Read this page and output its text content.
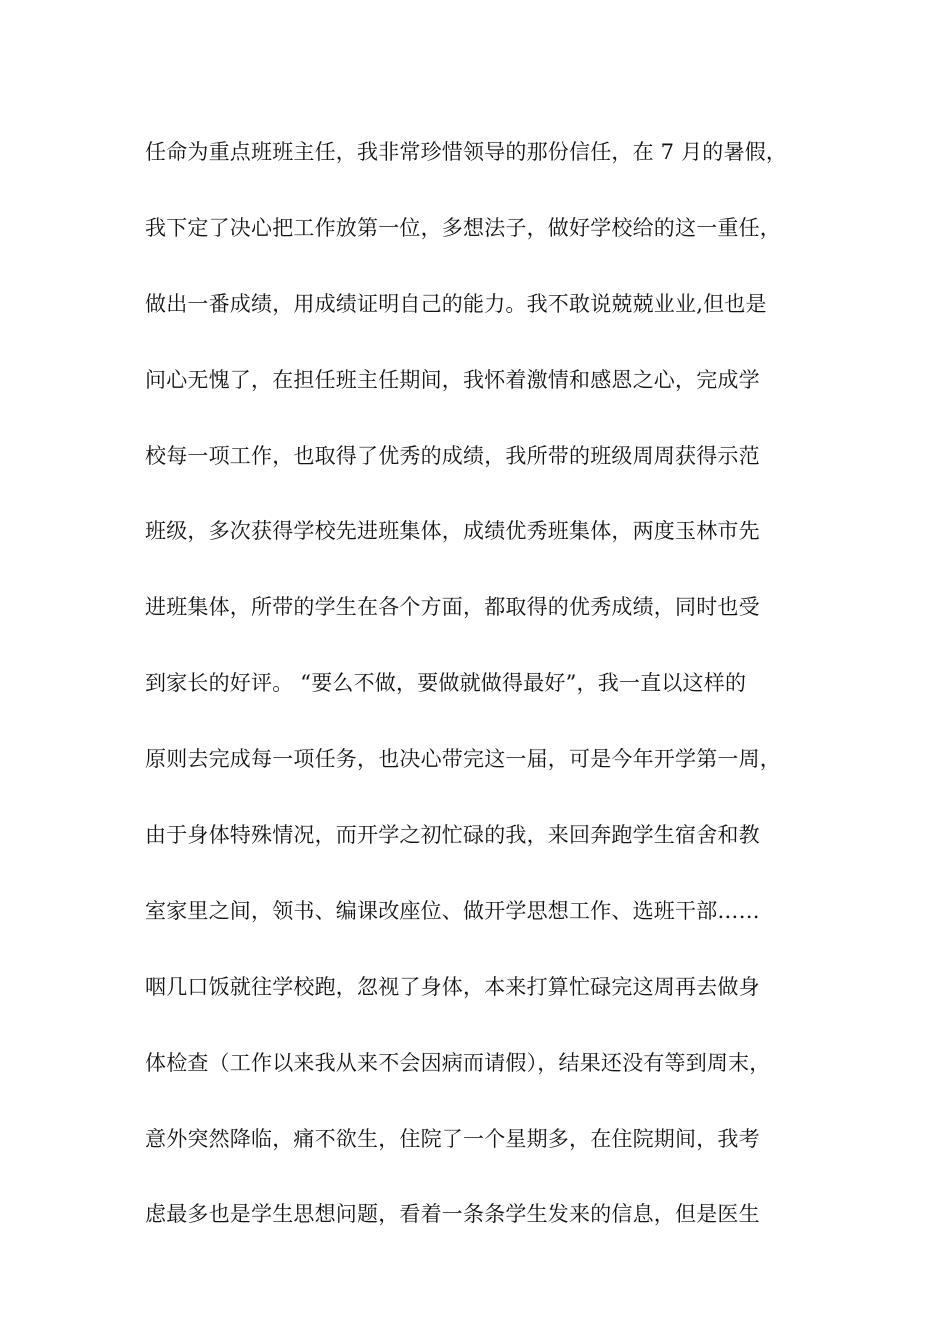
任命为重点班班主任，我非常珍惜领导的那份信任，在 7 月的暑假，
我下定了决心把工作放第一位，多想法子，做好学校给的这一重任，
做出一番成绩，用成绩证明自己的能力。我不敢说兢兢业业,但也是
问心无愧了，在担任班主任期间，我怀着激情和感恩之心，完成学
校每一项工作，也取得了优秀的成绩，我所带的班级周周获得示范
班级，多次获得学校先进班集体，成绩优秀班集体，两度玉林市先
进班集体，所带的学生在各个方面，都取得的优秀成绩，同时也受
到家长的好评。 “要么不做，要做就做得最好”，我一直以这样的
原则去完成每一项任务，也决心带完这一届，可是今年开学第一周，
由于身体特殊情况，而开学之初忙碌的我，来回奔跑学生宿舍和教
室家里之间，领书、编课改座位、做开学思想工作、选班干部……
咽几口饭就往学校跑，忽视了身体，本来打算忙碌完这周再去做身
体检查（工作以来我从来不会因病而请假），结果还没有等到周末，
意外突然降临，痛不欲生，住院了一个星期多，在住院期间，我考
虑最多也是学生思想问题，看着一条条学生发来的信息，但是医生
